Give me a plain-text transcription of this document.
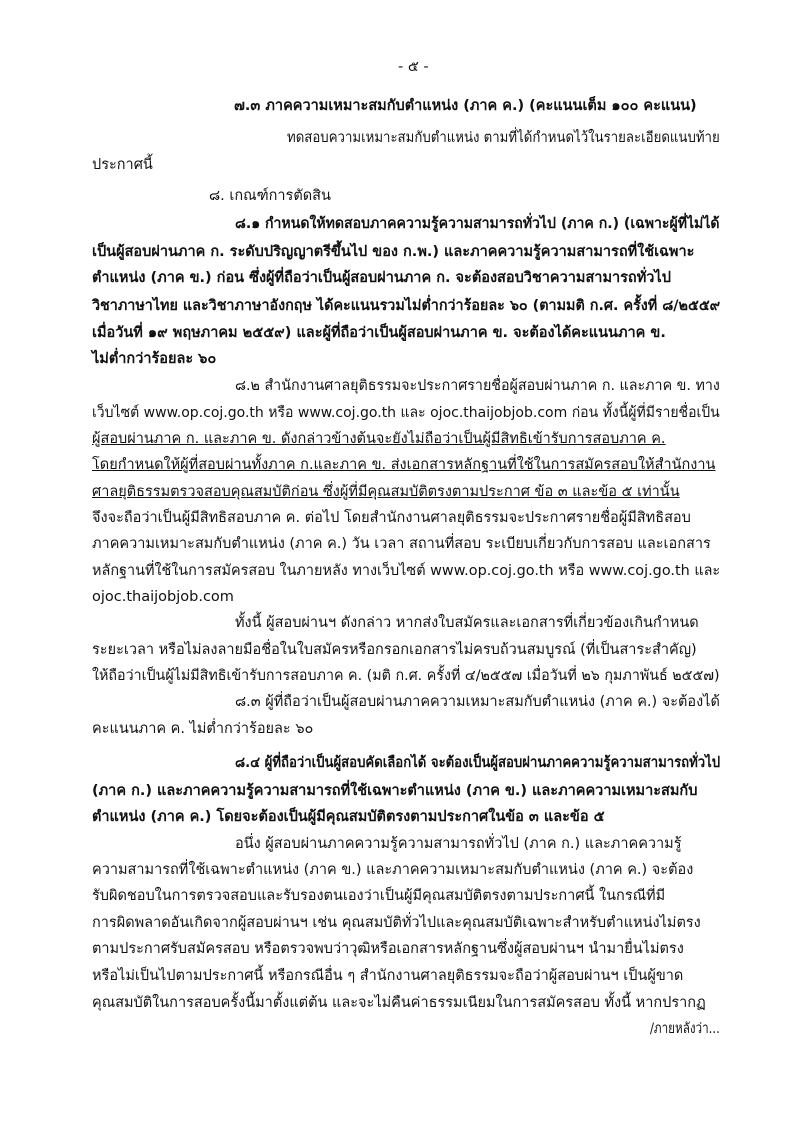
- ๕ -
๗.๓ ภาคความเหมาะสมกับตำแหน่ง (ภาค ค.) (คะแนนเต็ม ๑๐๐ คะแนน)
ทดสอบความเหมาะสมกับตำแหน่ง ตามที่ได้กำหนดไว้ในรายละเอียดแนบท้าย
ประกาศนี้
๘. เกณฑ์การตัดสิน
๘.๑ กำหนดให้ทดสอบภาคความรู้ความสามารถทั่วไป (ภาค ก.) (เฉพาะผู้ที่ไม่ได้
เป็นผู้สอบผ่านภาค ก. ระดับปริญญาตรีขึ้นไป ของ ก.พ.) และภาคความรู้ความสามารถที่ใช้เฉพาะ
ตำแหน่ง (ภาค ข.) ก่อน ซึ่งผู้ที่ถือว่าเป็นผู้สอบผ่านภาค ก. จะต้องสอบวิชาความสามารถทั่วไป
วิชาภาษาไทย และวิชาภาษาอังกฤษ ได้คะแนนรวมไม่ต่ำกว่าร้อยละ ๖๐ (ตามมติ ก.ศ. ครั้งที่ ๘/๒๕๕๙
เมื่อวันที่ ๑๙ พฤษภาคม ๒๕๕๙) และผู้ที่ถือว่าเป็นผู้สอบผ่านภาค ข. จะต้องได้คะแนนภาค ข.
ไม่ต่ำกว่าร้อยละ ๖๐
๘.๒ สำนักงานศาลยุติธรรมจะประกาศรายชื่อผู้สอบผ่านภาค ก. และภาค ข. ทาง
เว็บไซต์ www.op.coj.go.th หรือ www.coj.go.th และ ojoc.thaijobjob.com ก่อน ทั้งนี้ผู้ที่มีรายชื่อเป็น
ผู้สอบผ่านภาค ก. และภาค ข. ดังกล่าวข้างต้นจะยังไม่ถือว่าเป็นผู้มีสิทธิเข้ารับการสอบภาค ค.
โดยกำหนดให้ผู้ที่สอบผ่านทั้งภาค ก.และภาค ข. ส่งเอกสารหลักฐานที่ใช้ในการสมัครสอบให้สำนักงาน
ศาลยุติธรรมตรวจสอบคุณสมบัติก่อน ซึ่งผู้ที่มีคุณสมบัติตรงตามประกาศ ข้อ ๓ และข้อ ๕ เท่านั้น
จึงจะถือว่าเป็นผู้มีสิทธิสอบภาค ค. ต่อไป โดยสำนักงานศาลยุติธรรมจะประกาศรายชื่อผู้มีสิทธิสอบ
ภาคความเหมาะสมกับตำแหน่ง (ภาค ค.) วัน เวลา สถานที่สอบ ระเบียบเกี่ยวกับการสอบ และเอกสาร
หลักฐานที่ใช้ในการสมัครสอบ ในภายหลัง ทางเว็บไซต์ www.op.coj.go.th หรือ www.coj.go.th และ
ojoc.thaijobjob.com
ทั้งนี้ ผู้สอบผ่านฯ ดังกล่าว หากส่งใบสมัครและเอกสารที่เกี่ยวข้องเกินกำหนด
ระยะเวลา หรือไม่ลงลายมือชื่อในใบสมัครหรือกรอกเอกสารไม่ครบถ้วนสมบูรณ์ (ที่เป็นสาระสำคัญ)
ให้ถือว่าเป็นผู้ไม่มีสิทธิเข้ารับการสอบภาค ค. (มติ ก.ศ. ครั้งที่ ๔/๒๕๕๗ เมื่อวันที่ ๒๖ กุมภาพันธ์ ๒๕๕๗)
๘.๓ ผู้ที่ถือว่าเป็นผู้สอบผ่านภาคความเหมาะสมกับตำแหน่ง (ภาค ค.) จะต้องได้
คะแนนภาค ค. ไม่ต่ำกว่าร้อยละ ๖๐
๘.๔ ผู้ที่ถือว่าเป็นผู้สอบคัดเลือกได้ จะต้องเป็นผู้สอบผ่านภาคความรู้ความสามารถทั่วไป
(ภาค ก.) และภาคความรู้ความสามารถที่ใช้เฉพาะตำแหน่ง (ภาค ข.) และภาคความเหมาะสมกับ
ตำแหน่ง (ภาค ค.) โดยจะต้องเป็นผู้มีคุณสมบัติตรงตามประกาศในข้อ ๓ และข้อ ๕
อนึ่ง ผู้สอบผ่านภาคความรู้ความสามารถทั่วไป (ภาค ก.) และภาคความรู้
ความสามารถที่ใช้เฉพาะตำแหน่ง (ภาค ข.) และภาคความเหมาะสมกับตำแหน่ง (ภาค ค.) จะต้อง
รับผิดชอบในการตรวจสอบและรับรองตนเองว่าเป็นผู้มีคุณสมบัติตรงตามประกาศนี้ ในกรณีที่มี
การผิดพลาดอันเกิดจากผู้สอบผ่านฯ เช่น คุณสมบัติทั่วไปและคุณสมบัติเฉพาะสำหรับตำแหน่งไม่ตรง
ตามประกาศรับสมัครสอบ หรือตรวจพบว่าวุฒิหรือเอกสารหลักฐานซึ่งผู้สอบผ่านฯ นำมายื่นไม่ตรง
หรือไม่เป็นไปตามประกาศนี้ หรือกรณีอื่น ๆ สำนักงานศาลยุติธรรมจะถือว่าผู้สอบผ่านฯ เป็นผู้ขาด
คุณสมบัติในการสอบครั้งนี้มาตั้งแต่ต้น และจะไม่คืนค่าธรรมเนียมในการสมัครสอบ ทั้งนี้ หากปรากฏ
/ภายหลังว่า...
